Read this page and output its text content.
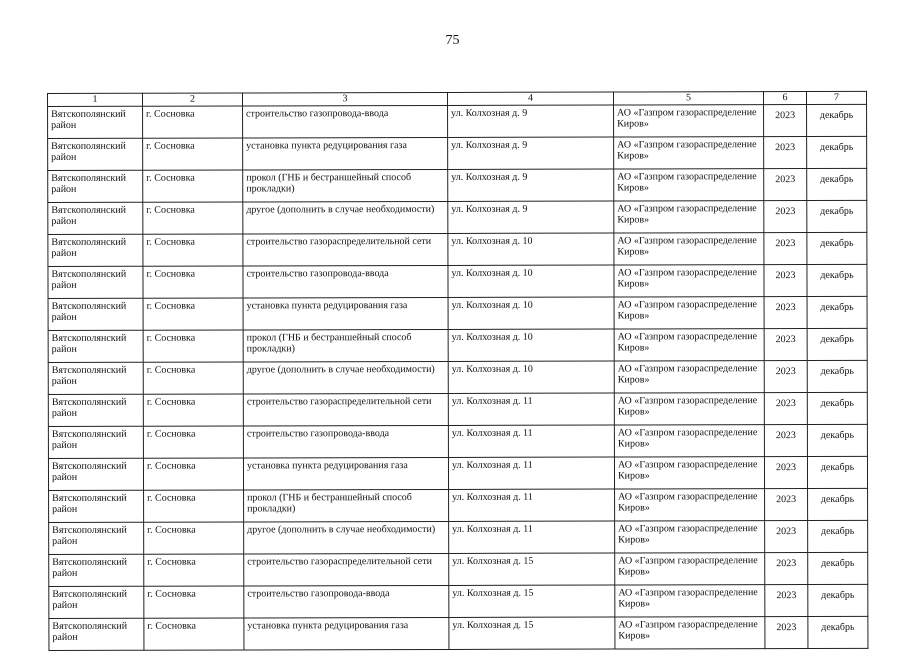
75
1	2	3	4	5	6	7
Вятскополянский район	г. Сосновка	строительство газопровода-ввода	ул. Колхозная д. 9	АО «Газпром газораспределение Киров»	2023	декабрь
Вятскополянский район	г. Сосновка	установка пункта редуцирования газа	ул. Колхозная д. 9	АО «Газпром газораспределение Киров»	2023	декабрь
Вятскополянский район	г. Сосновка	прокол (ГНБ и бестраншейный способ прокладки)	ул. Колхозная д. 9	АО «Газпром газораспределение Киров»	2023	декабрь
Вятскополянский район	г. Сосновка	другое (дополнить в случае необходимости)	ул. Колхозная д. 9	АО «Газпром газораспределение Киров»	2023	декабрь
Вятскополянский район	г. Сосновка	строительство газораспределительной сети	ул. Колхозная д. 10	АО «Газпром газораспределение Киров»	2023	декабрь
Вятскополянский район	г. Сосновка	строительство газопровода-ввода	ул. Колхозная д. 10	АО «Газпром газораспределение Киров»	2023	декабрь
Вятскополянский район	г. Сосновка	установка пункта редуцирования газа	ул. Колхозная д. 10	АО «Газпром газораспределение Киров»	2023	декабрь
Вятскополянский район	г. Сосновка	прокол (ГНБ и бестраншейный способ прокладки)	ул. Колхозная д. 10	АО «Газпром газораспределение Киров»	2023	декабрь
Вятскополянский район	г. Сосновка	другое (дополнить в случае необходимости)	ул. Колхозная д. 10	АО «Газпром газораспределение Киров»	2023	декабрь
Вятскополянский район	г. Сосновка	строительство газораспределительной сети	ул. Колхозная д. 11	АО «Газпром газораспределение Киров»	2023	декабрь
Вятскополянский район	г. Сосновка	строительство газопровода-ввода	ул. Колхозная д. 11	АО «Газпром газораспределение Киров»	2023	декабрь
Вятскополянский район	г. Сосновка	установка пункта редуцирования газа	ул. Колхозная д. 11	АО «Газпром газораспределение Киров»	2023	декабрь
Вятскополянский район	г. Сосновка	прокол (ГНБ и бестраншейный способ прокладки)	ул. Колхозная д. 11	АО «Газпром газораспределение Киров»	2023	декабрь
Вятскополянский район	г. Сосновка	другое (дополнить в случае необходимости)	ул. Колхозная д. 11	АО «Газпром газораспределение Киров»	2023	декабрь
Вятскополянский район	г. Сосновка	строительство газораспределительной сети	ул. Колхозная д. 15	АО «Газпром газораспределение Киров»	2023	декабрь
Вятскополянский район	г. Сосновка	строительство газопровода-ввода	ул. Колхозная д. 15	АО «Газпром газораспределение Киров»	2023	декабрь
Вятскополянский район	г. Сосновка	установка пункта редуцирования газа	ул. Колхозная д. 15	АО «Газпром газораспределение Киров»	2023	декабрь
